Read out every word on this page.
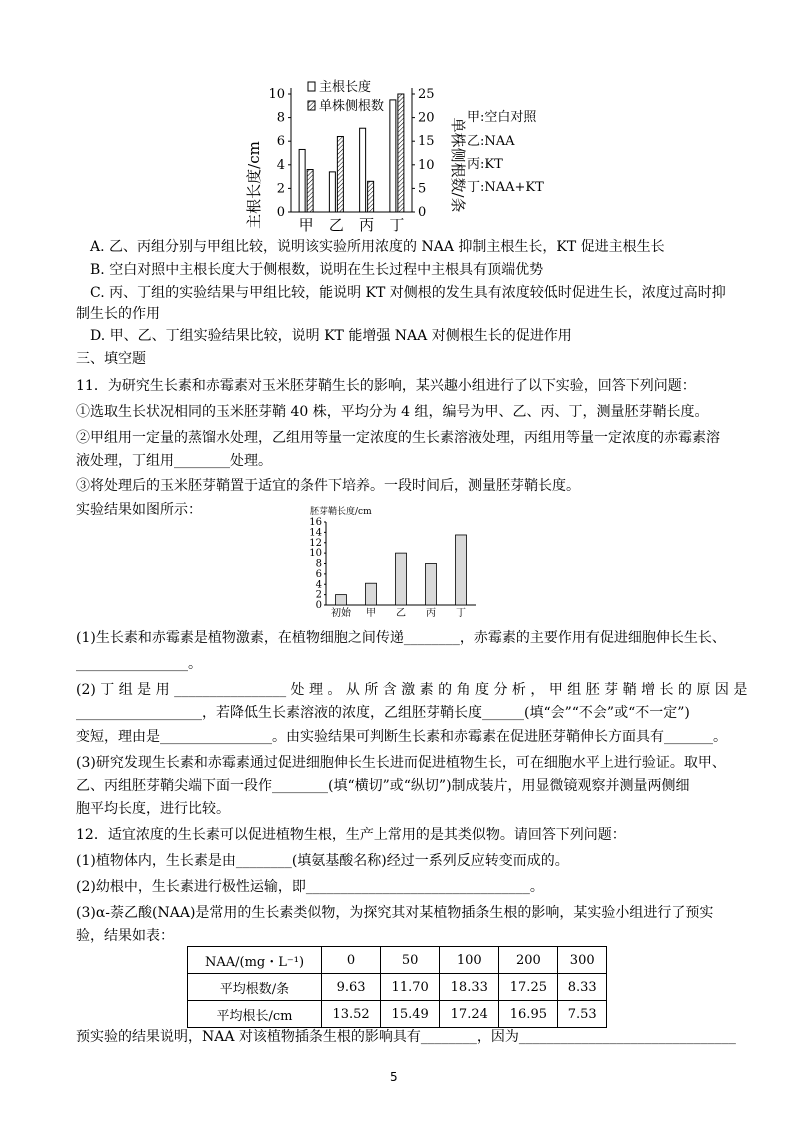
主根长度/cm	单株侧根数/条
0
2
4
6
8
10
0
5
10
15
20
25
甲 乙 丙 丁
主根长度
单株侧根数
甲:空白对照
乙:NAA
丙:KT
丁:NAA+KT
A. 乙、丙组分别与甲组比较，说明该实验所用浓度的 NAA 抑制主根生长，KT 促进主根生长
B. 空白对照中主根长度大于侧根数，说明在生长过程中主根具有顶端优势
C. 丙、丁组的实验结果与甲组比较，能说明 KT 对侧根的发生具有浓度较低时促进生长，浓度过高时抑
制生长的作用
D. 甲、乙、丁组实验结果比较，说明 KT 能增强 NAA 对侧根生长的促进作用
三、填空题
11．为研究生长素和赤霉素对玉米胚芽鞘生长的影响，某兴趣小组进行了以下实验，回答下列问题：
①选取生长状况相同的玉米胚芽鞘 40 株，平均分为 4 组，编号为甲、乙、丙、丁，测量胚芽鞘长度。
②甲组用一定量的蒸馏水处理，乙组用等量一定浓度的生长素溶液处理，丙组用等量一定浓度的赤霉素溶
液处理，丁组用________处理。
③将处理后的玉米胚芽鞘置于适宜的条件下培养。一段时间后，测量胚芽鞘长度。
实验结果如图所示：	胚芽鞘长度/cm
0
2
4
6
8
10
12
14
16
初始 甲 乙 丙 丁
(1)生长素和赤霉素是植物激素，在植物细胞之间传递________，赤霉素的主要作用有促进细胞伸长生长、
________________。
(2) 丁 组 是 用 ________________ 处 理 。 从 所 含 激 素 的 角 度 分 析 ， 甲 组 胚 芽 鞘 增 长 的 原 因 是
__________________，若降低生长素溶液的浓度，乙组胚芽鞘长度______(填“会”“不会”或“不一定”)
变短，理由是________________。由实验结果可判断生长素和赤霉素在促进胚芽鞘伸长方面具有_______。
(3)研究发现生长素和赤霉素通过促进细胞伸长生长进而促进植物生长，可在细胞水平上进行验证。取甲、
乙、丙组胚芽鞘尖端下面一段作________(填“横切”或“纵切”)制成装片，用显微镜观察并测量两侧细
胞平均长度，进行比较。
12．适宜浓度的生长素可以促进植物生根，生产上常用的是其类似物。请回答下列问题：
(1)植物体内，生长素是由________(填氨基酸名称)经过一系列反应转变而成的。
(2)幼根中，生长素进行极性运输，即________________________________。
(3)α-萘乙酸(NAA)是常用的生长素类似物，为探究其对某植物插条生根的影响，某实验小组进行了预实
验，结果如表：
NAA/(mg・L⁻¹)	0	50	100	200	300
平均根数/条	9.63	11.70	18.33	17.25	8.33
平均根长/cm	13.52	15.49	17.24	16.95	7.53
预实验的结果说明，NAA 对该植物插条生根的影响具有________，因为_______________________________
5
